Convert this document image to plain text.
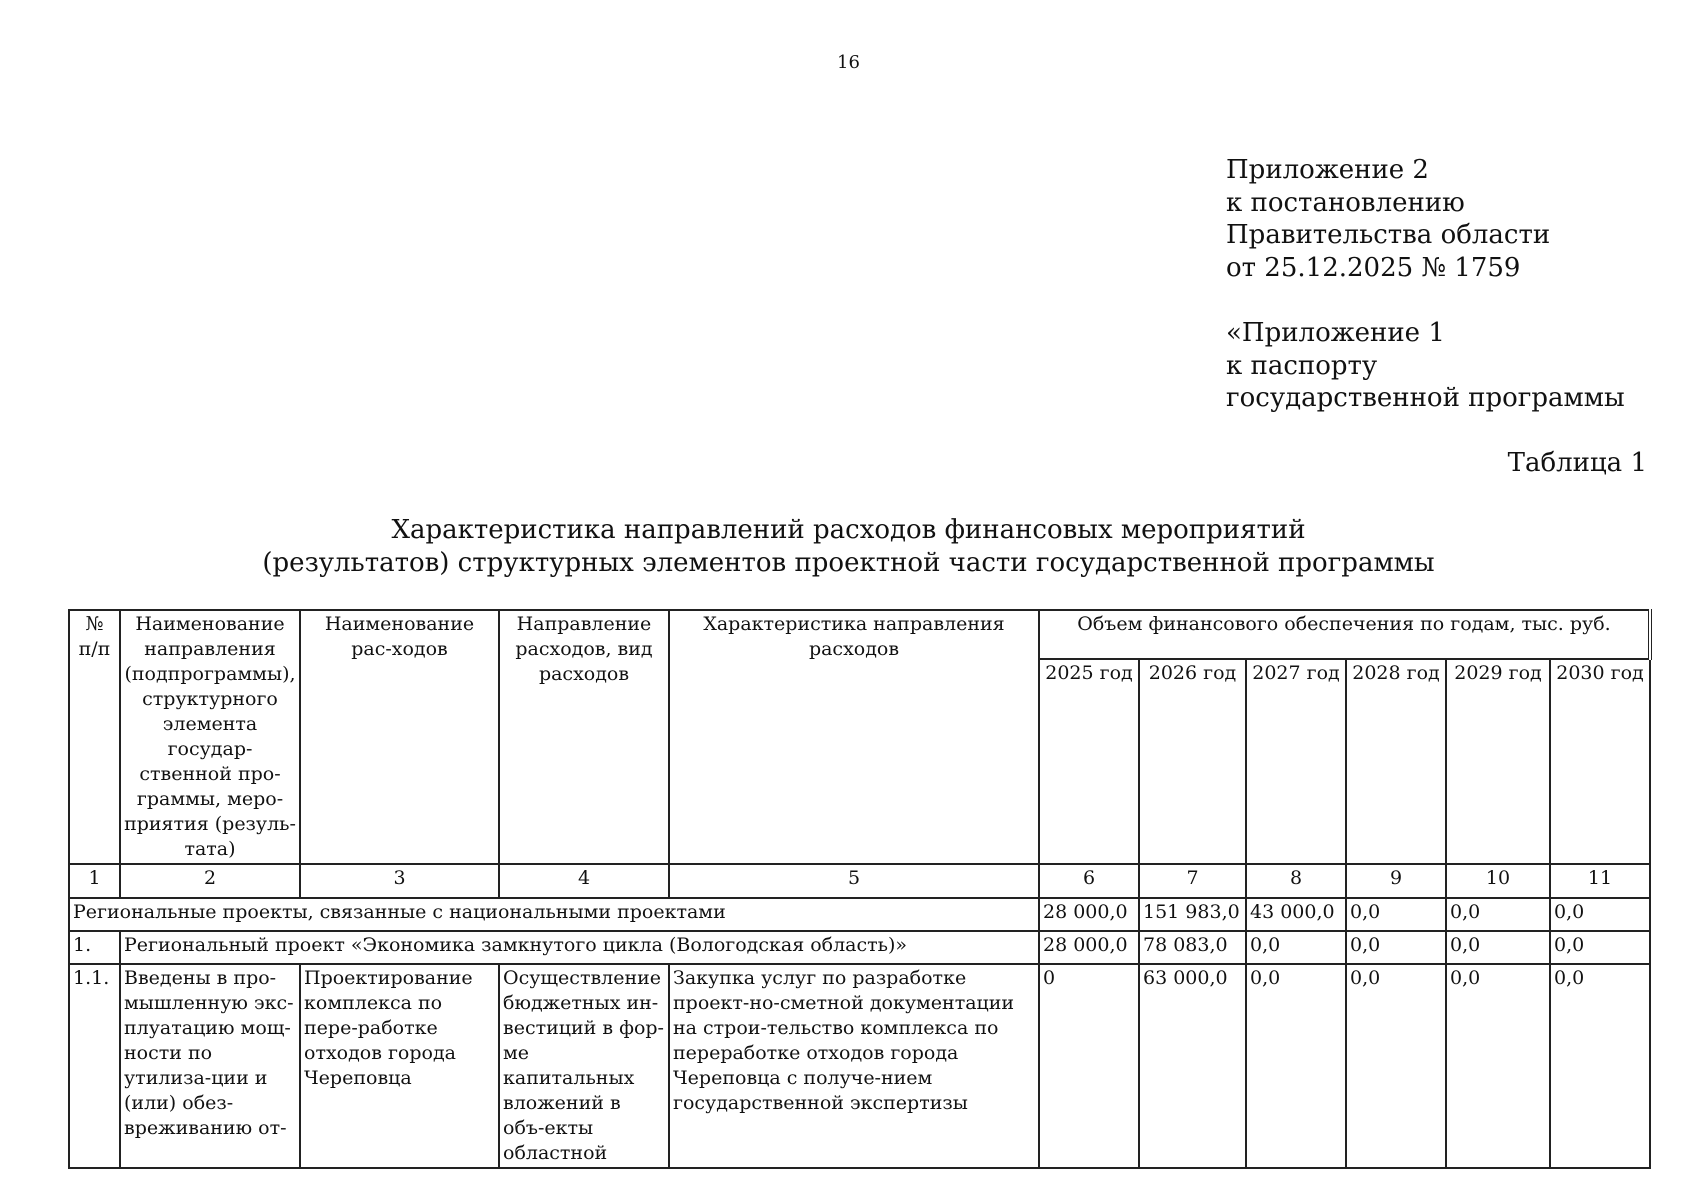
16
Приложение 2
к постановлению
Правительства области
от 25.12.2025 № 1759
«Приложение 1
к паспорту
государственной программы
Таблица 1
Характеристика направлений расходов финансовых мероприятий
(результатов) структурных элементов проектной части государственной программы
№ п/п	Наименование направления (подпрограммы), структурного элемента государ-ственной про-граммы, меро-приятия (резуль-тата)	Наименование рас-ходов	Направление расходов, вид расходов	Характеристика направления расходов	Объем финансового обеспечения по годам, тыс. руб.					
					2025 год	2026 год	2027 год	2028 год	2029 год	2030 год
1	2	3	4	5	6	7	8	9	10	11
Региональные проекты, связанные с национальными проектами					28 000,0	151 983,0	43 000,0	0,0	0,0	0,0
1.	Региональный проект «Экономика замкнутого цикла (Вологодская область)»				28 000,0	78 083,0	0,0	0,0	0,0	0,0
1.1.	Введены в про-мышленную экс-плуатацию мощ-ности по утилиза-ции и (или) обез-вреживанию от-	Проектирование комплекса по пере-работке отходов города Череповца	Осуществление бюджетных ин-вестиций в фор-ме капитальных вложений в объ-екты областной	Закупка услуг по разработке проект-но-сметной документации на строи-тельство комплекса по переработке отходов города Череповца с получе-нием государственной экспертизы	0	63 000,0	0,0	0,0	0,0	0,0
